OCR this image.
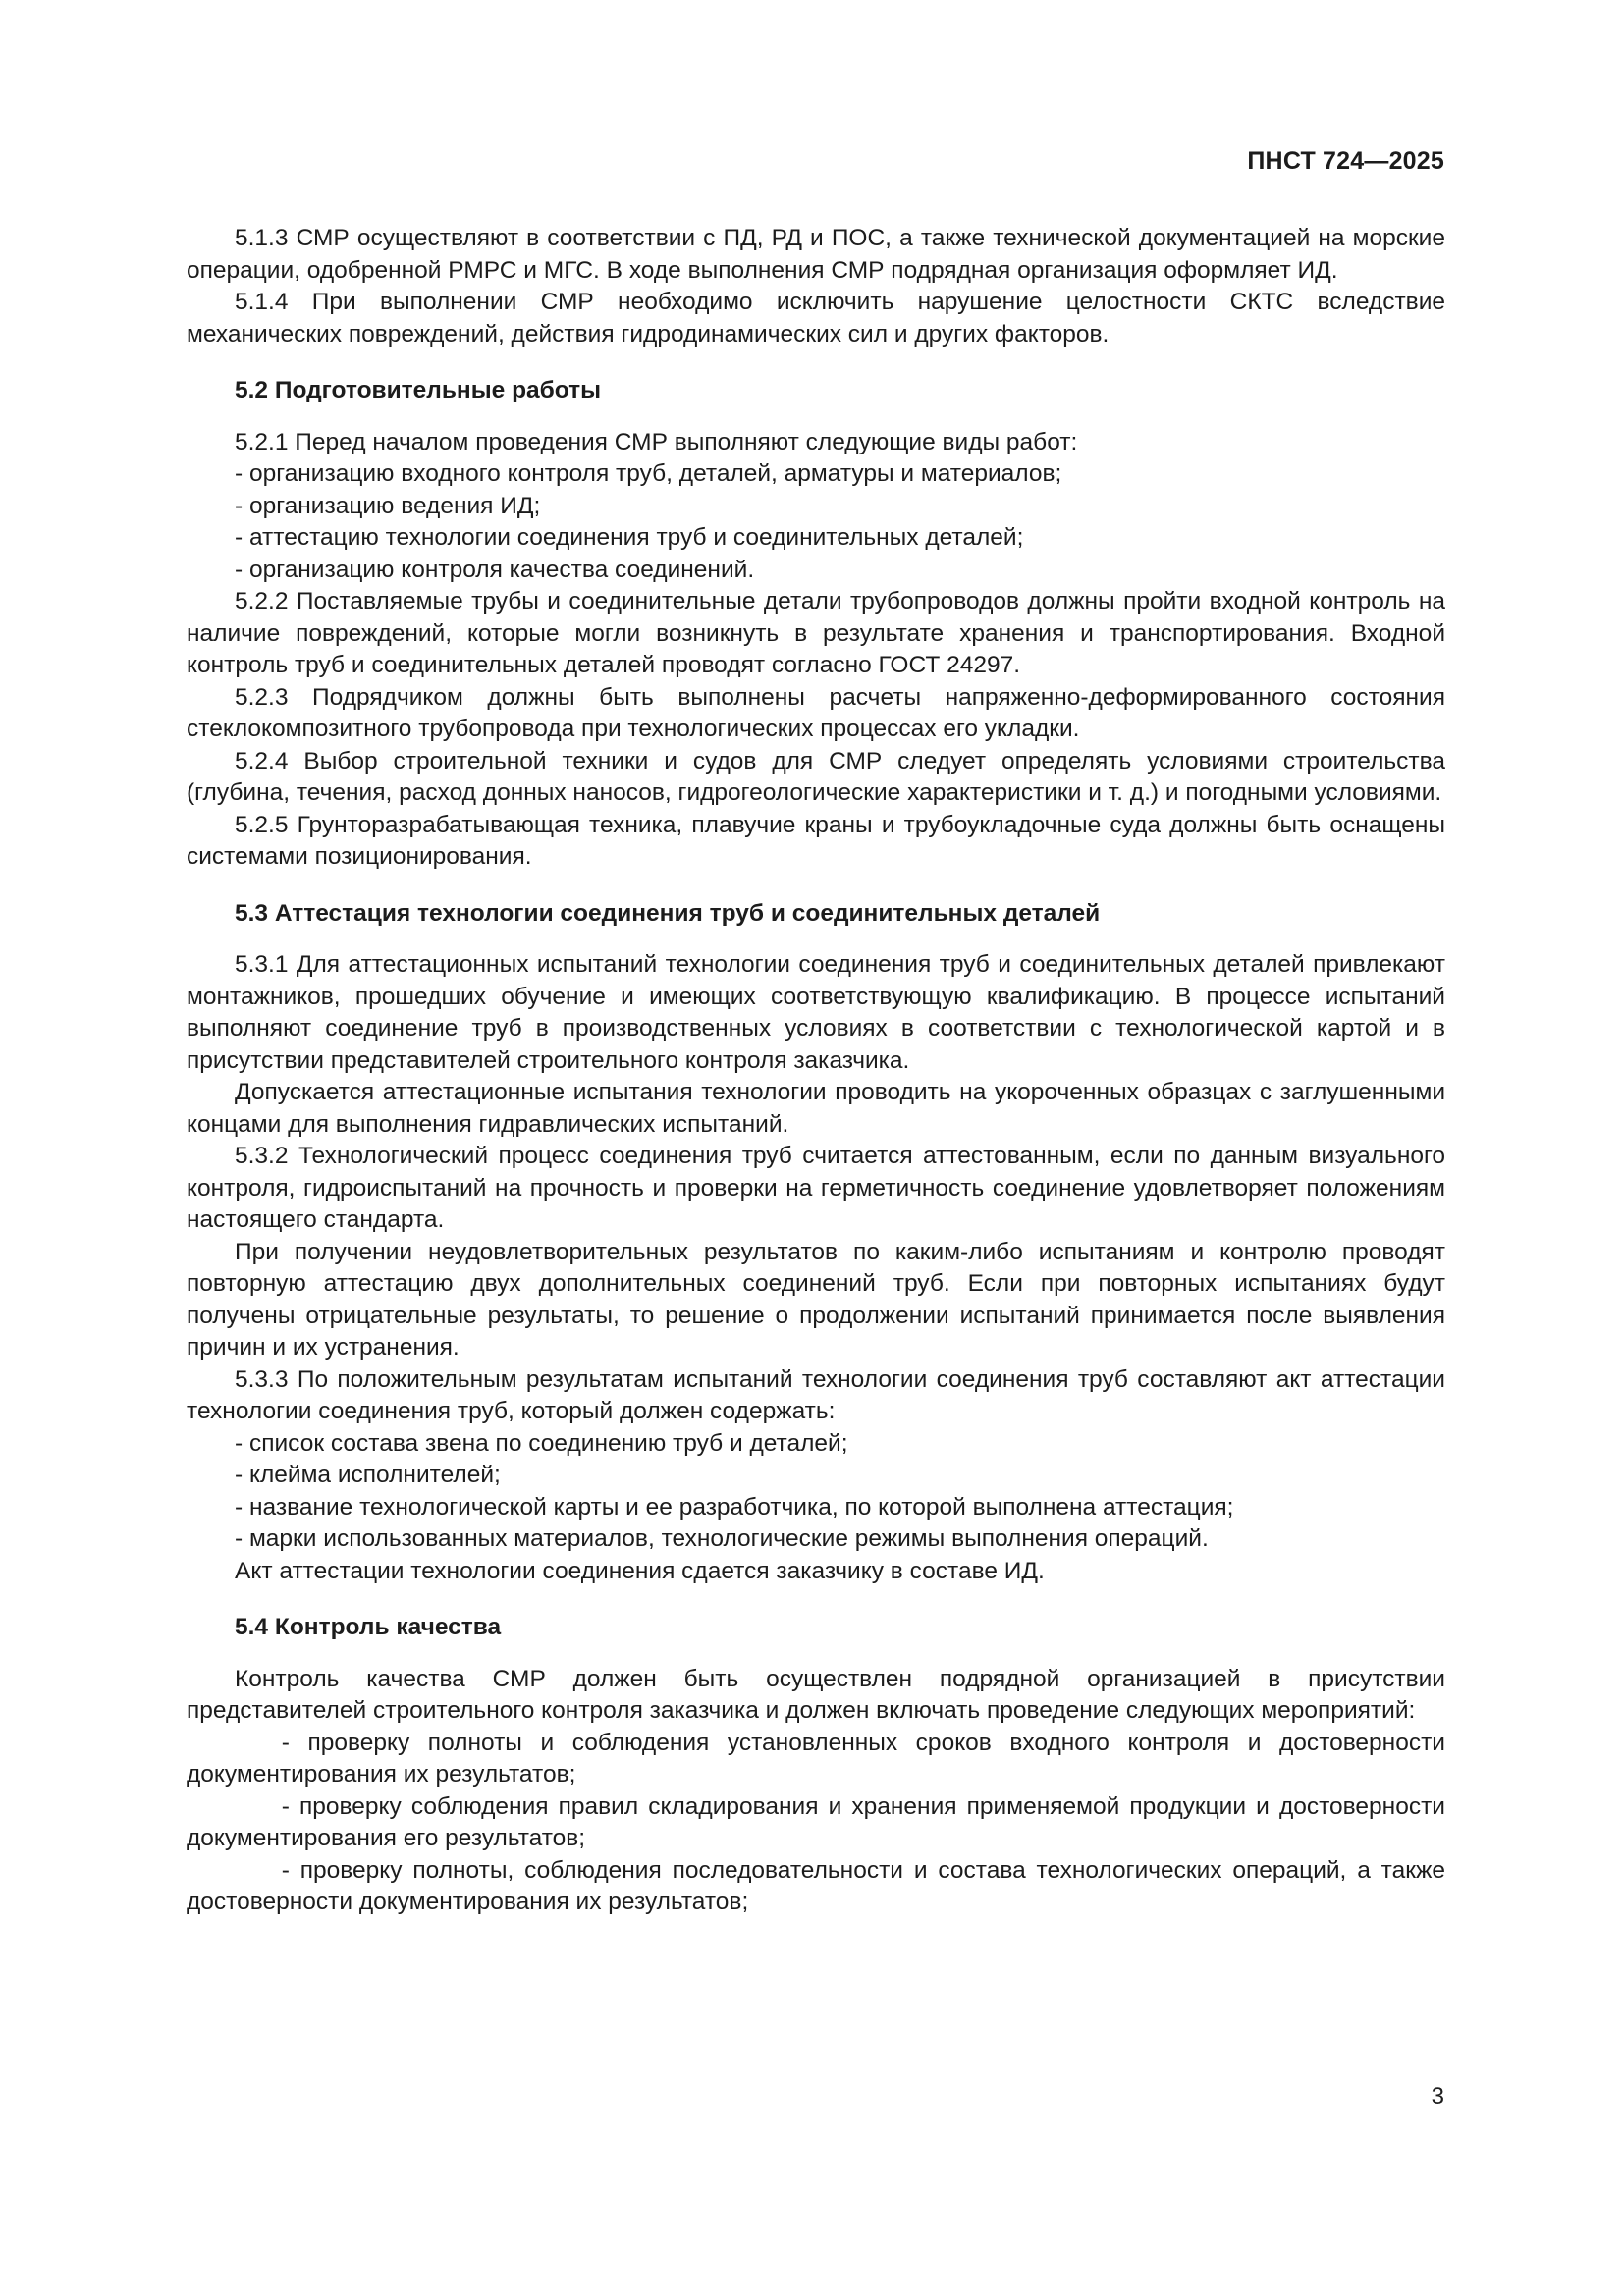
ПНСТ 724—2025

5.1.3 СМР осуществляют в соответствии с ПД, РД и ПОС, а также технической документацией на морские операции, одобренной РМРС и МГС. В ходе выполнения СМР подрядная организация оформляет ИД.

5.1.4 При выполнении СМР необходимо исключить нарушение целостности СКТС вследствие механических повреждений, действия гидродинамических сил и других факторов.

5.2 Подготовительные работы

5.2.1 Перед началом проведения СМР выполняют следующие виды работ:

- организацию входного контроля труб, деталей, арматуры и материалов;

- организацию ведения ИД;

- аттестацию технологии соединения труб и соединительных деталей;

- организацию контроля качества соединений.

5.2.2 Поставляемые трубы и соединительные детали трубопроводов должны пройти входной контроль на наличие повреждений, которые могли возникнуть в результате хранения и транспортирования. Входной контроль труб и соединительных деталей проводят согласно ГОСТ 24297.

5.2.3 Подрядчиком должны быть выполнены расчеты напряженно-деформированного состояния стеклокомпозитного трубопровода при технологических процессах его укладки.

5.2.4 Выбор строительной техники и судов для СМР следует определять условиями строительства (глубина, течения, расход донных наносов, гидрогеологические характеристики и т. д.) и погодными условиями.

5.2.5 Грунторазрабатывающая техника, плавучие краны и трубоукладочные суда должны быть оснащены системами позиционирования.

5.3 Аттестация технологии соединения труб и соединительных деталей

5.3.1 Для аттестационных испытаний технологии соединения труб и соединительных деталей привлекают монтажников, прошедших обучение и имеющих соответствующую квалификацию. В процессе испытаний выполняют соединение труб в производственных условиях в соответствии с технологической картой и в присутствии представителей строительного контроля заказчика.

Допускается аттестационные испытания технологии проводить на укороченных образцах с заглушенными концами для выполнения гидравлических испытаний.

5.3.2 Технологический процесс соединения труб считается аттестованным, если по данным визуального контроля, гидроиспытаний на прочность и проверки на герметичность соединение удовлетворяет положениям настоящего стандарта.

При получении неудовлетворительных результатов по каким-либо испытаниям и контролю проводят повторную аттестацию двух дополнительных соединений труб. Если при повторных испытаниях будут получены отрицательные результаты, то решение о продолжении испытаний принимается после выявления причин и их устранения.

5.3.3 По положительным результатам испытаний технологии соединения труб составляют акт аттестации технологии соединения труб, который должен содержать:

- список состава звена по соединению труб и деталей;

- клейма исполнителей;

- название технологической карты и ее разработчика, по которой выполнена аттестация;

- марки использованных материалов, технологические режимы выполнения операций.

Акт аттестации технологии соединения сдается заказчику в составе ИД.

5.4 Контроль качества

Контроль качества СМР должен быть осуществлен подрядной организацией в присутствии представителей строительного контроля заказчика и должен включать проведение следующих мероприятий:

- проверку полноты и соблюдения установленных сроков входного контроля и достоверности документирования их результатов;

- проверку соблюдения правил складирования и хранения применяемой продукции и достоверности документирования его результатов;

- проверку полноты, соблюдения последовательности и состава технологических операций, а также достоверности документирования их результатов;

3
